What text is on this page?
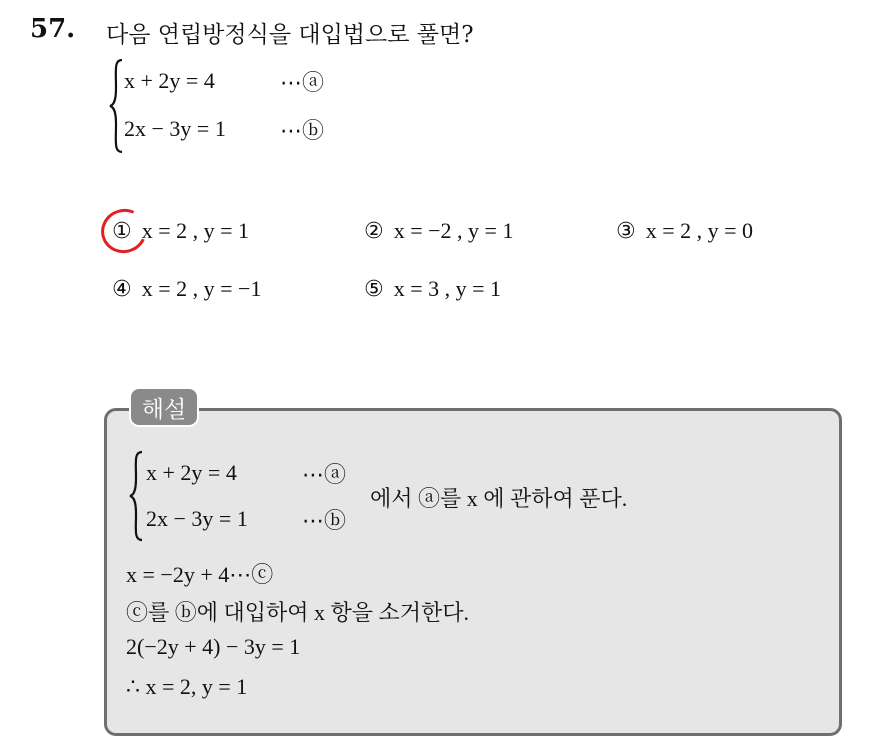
57. 다음 연립방정식을 대입법으로 풀면?
x + 2y = 4	⋯ⓐ
2x − 3y = 1 ⋯ⓑ
① x = 2 , y = 1	② x = −2 , y = 1	③ x = 2 , y = 0
④ x = 2 , y = −1	⑤ x = 3 , y = 1
해설
x + 2y = 4	⋯ⓐ
2x − 3y = 1 ⋯ⓑ
에서 ⓐ를 x 에 관하여 푼다.
x = −2y + 4⋯ⓒ
ⓒ를 ⓑ에 대입하여 x 항을 소거한다.
2(−2y + 4) − 3y = 1
∴ x = 2, y = 1
